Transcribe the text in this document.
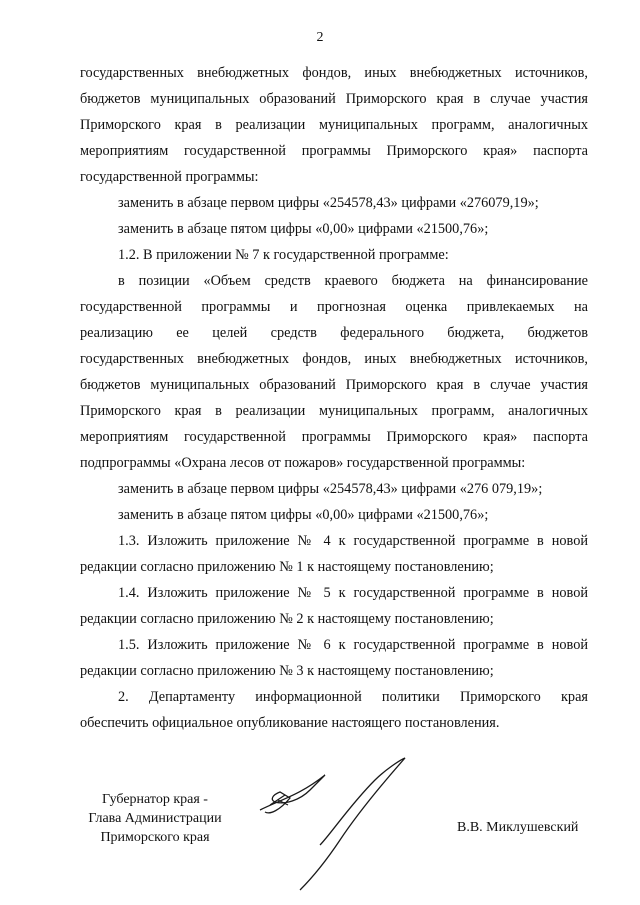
2
государственных внебюджетных фондов, иных внебюджетных источников,
бюджетов муниципальных образований Приморского края в случае участия
Приморского края в реализации муниципальных программ, аналогичных
мероприятиям государственной программы Приморского края» паспорта
государственной программы:
заменить в абзаце первом цифры «254578,43» цифрами «276079,19»;
заменить в абзаце пятом цифры «0,00» цифрами «21500,76»;
1.2. В приложении № 7 к государственной программе:
в позиции «Объем средств краевого бюджета на финансирование
государственной программы и прогнозная оценка привлекаемых на
реализацию ее целей средств федерального бюджета, бюджетов
государственных внебюджетных фондов, иных внебюджетных источников,
бюджетов муниципальных образований Приморского края в случае участия
Приморского края в реализации муниципальных программ, аналогичных
мероприятиям государственной программы Приморского края» паспорта
подпрограммы «Охрана лесов от пожаров» государственной программы:
заменить в абзаце первом цифры «254578,43» цифрами «276 079,19»;
заменить в абзаце пятом цифры «0,00» цифрами «21500,76»;
1.3. Изложить приложение № 4 к государственной программе в новой
редакции согласно приложению № 1 к настоящему постановлению;
1.4. Изложить приложение № 5 к государственной программе в новой
редакции согласно приложению № 2 к настоящему постановлению;
1.5. Изложить приложение № 6 к государственной программе в новой
редакции согласно приложению № 3 к настоящему постановлению;
2. Департаменту информационной политики Приморского края
обеспечить официальное опубликование настоящего постановления.
Губернатор края -
Глава Администрации
Приморского края
В.В. Миклушевский
